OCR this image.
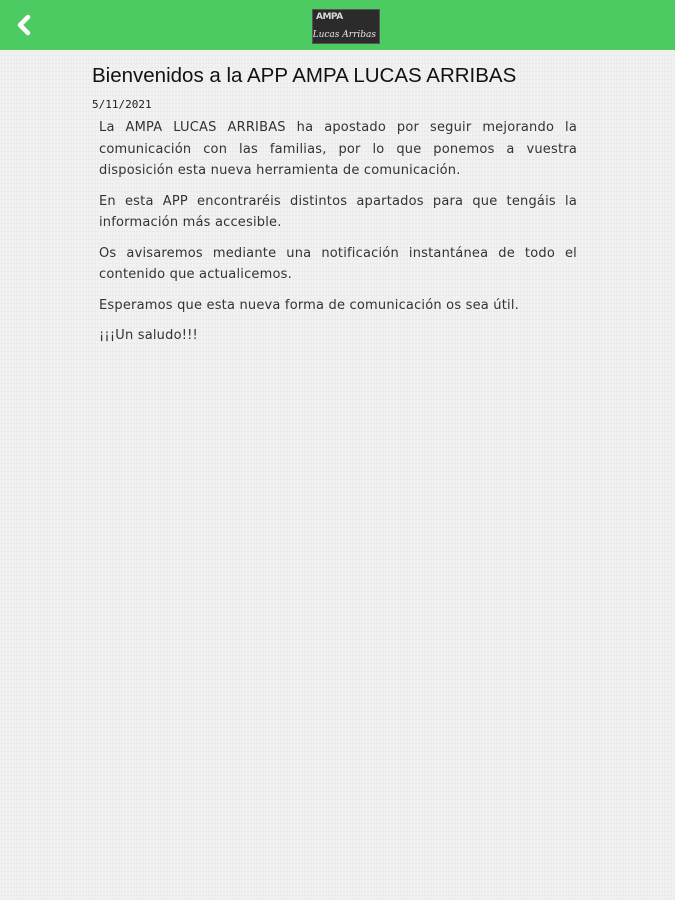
AMPA
Lucas Arribas
Bienvenidos a la APP AMPA LUCAS ARRIBAS
5/11/2021

La AMPA LUCAS ARRIBAS ha apostado por seguir mejorando la comunicación con las familias, por lo que ponemos a vuestra disposición esta nueva herramienta de comunicación.

En esta APP encontraréis distintos apartados para que tengáis la información más accesible.

Os avisaremos mediante una notificación instantánea de todo el contenido que actualicemos.

Esperamos que esta nueva forma de comunicación os sea útil.

¡¡¡Un saludo!!!
